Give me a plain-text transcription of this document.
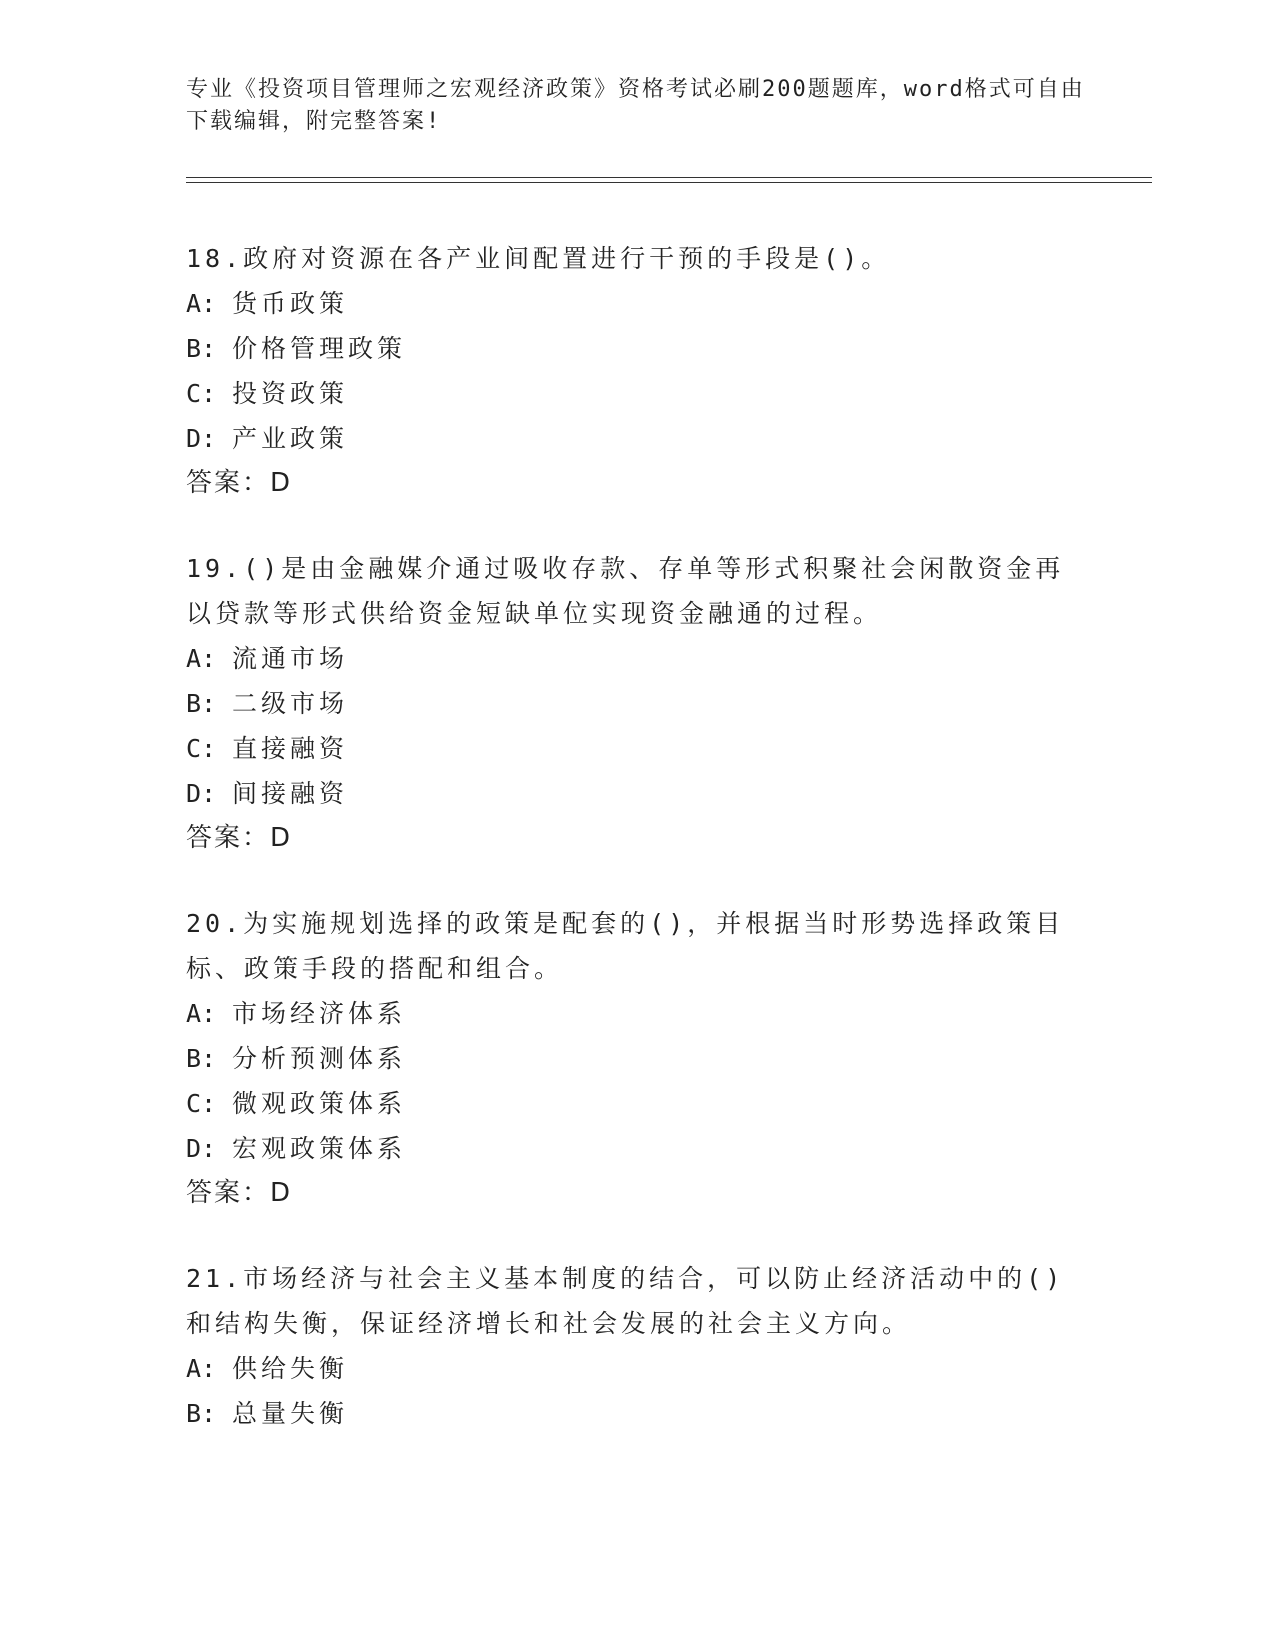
专业《投资项目管理师之宏观经济政策》资格考试必刷200题题库，word格式可自由下载编辑，附完整答案!

18.政府对资源在各产业间配置进行干预的手段是()。

A: 货币政策

B: 价格管理政策

C: 投资政策

D: 产业政策

答案：D

19.()是由金融媒介通过吸收存款、存单等形式积聚社会闲散资金再以贷款等形式供给资金短缺单位实现资金融通的过程。

A: 流通市场

B: 二级市场

C: 直接融资

D: 间接融资

答案：D

20.为实施规划选择的政策是配套的()，并根据当时形势选择政策目标、政策手段的搭配和组合。

A: 市场经济体系

B: 分析预测体系

C: 微观政策体系

D: 宏观政策体系

答案：D

21.市场经济与社会主义基本制度的结合，可以防止经济活动中的()和结构失衡，保证经济增长和社会发展的社会主义方向。

A: 供给失衡

B: 总量失衡
